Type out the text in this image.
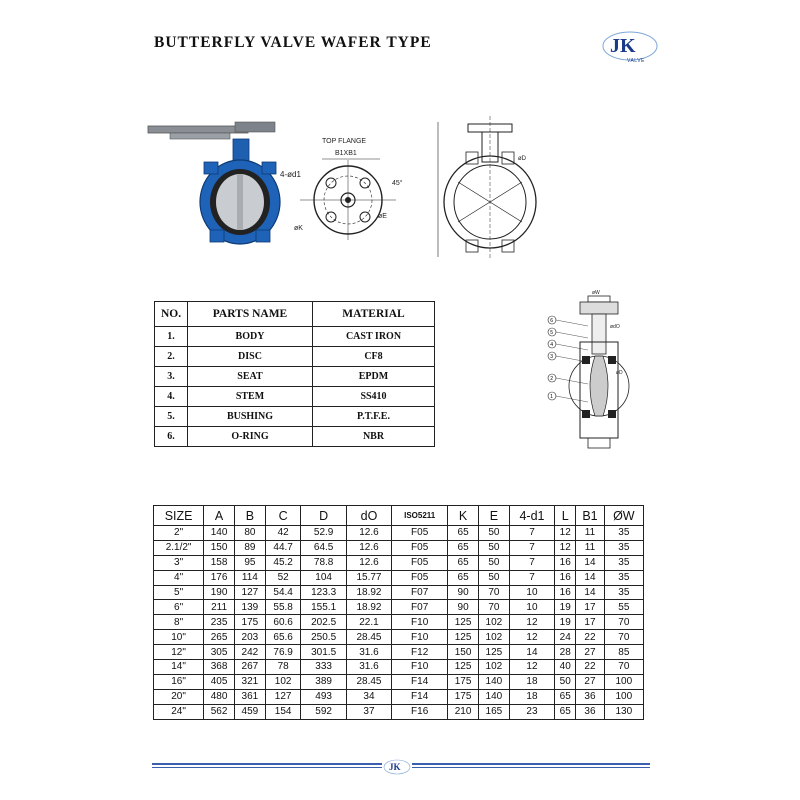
BUTTERFLY VALVE WAFER TYPE	JK
VALVE
TOP FLANGE
B1XB1
4-ød1
45°
øK
øE
øD
NO.	PARTS NAME	MATERIAL
1.	BODY	CAST IRON
2.	DISC	CF8
3.	SEAT	EPDM
4.	STEM	SS410
5.	BUSHING	P.T.F.E.
6.	O-RING	NBR
øW
ødO
øD
6
5
4
3
2
1
SIZE	A	B	C	D	dO	ISO5211	K	E	4-d1	L	B1	ØW
2"	140	80	42	52.9	12.6	F05	65	50	7	12	11	35
2.1/2"	150	89	44.7	64.5	12.6	F05	65	50	7	12	11	35
3"	158	95	45.2	78.8	12.6	F05	65	50	7	16	14	35
4"	176	114	52	104	15.77	F05	65	50	7	16	14	35
5"	190	127	54.4	123.3	18.92	F07	90	70	10	16	14	35
6"	211	139	55.8	155.1	18.92	F07	90	70	10	19	17	55
8"	235	175	60.6	202.5	22.1	F10	125	102	12	19	17	70
10"	265	203	65.6	250.5	28.45	F10	125	102	12	24	22	70
12"	305	242	76.9	301.5	31.6	F12	150	125	14	28	27	85
14"	368	267	78	333	31.6	F10	125	102	12	40	22	70
16"	405	321	102	389	28.45	F14	175	140	18	50	27	100
20"	480	361	127	493	34	F14	175	140	18	65	36	100
24"	562	459	154	592	37	F16	210	165	23	65	36	130
JK
